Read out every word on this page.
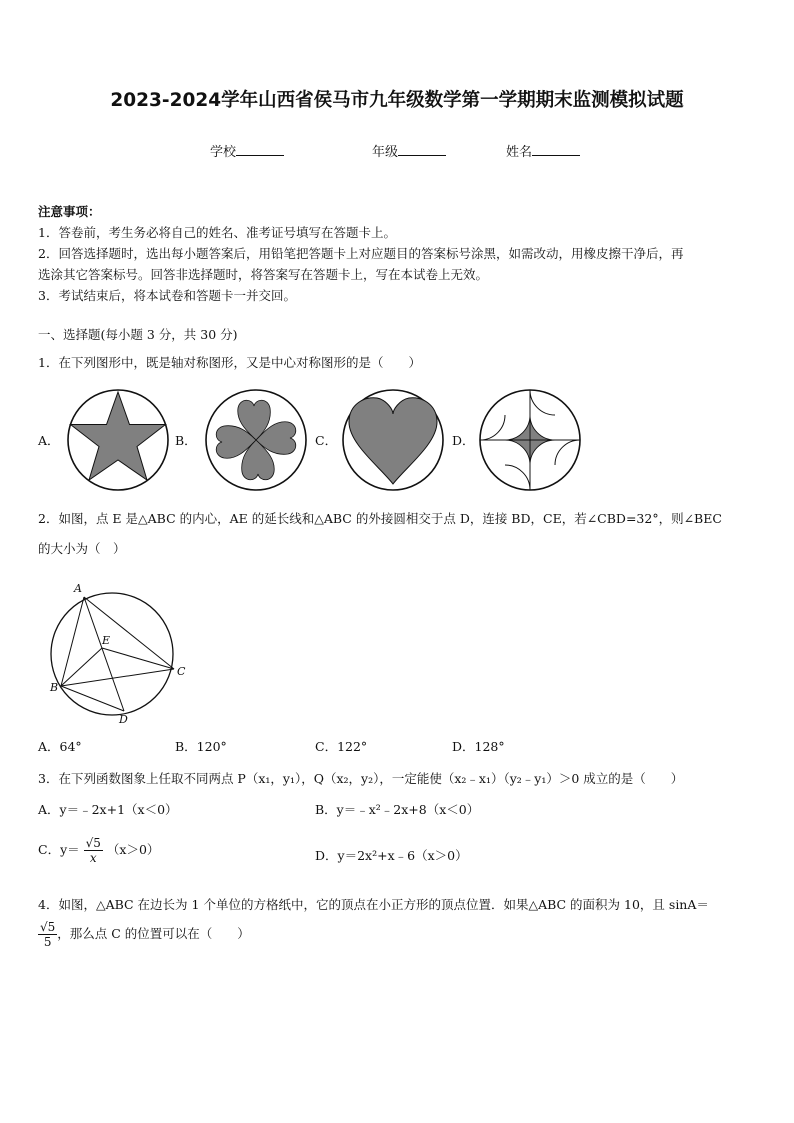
2023-2024学年山西省侯马市九年级数学第一学期期末监测模拟试题
学校	年级	姓名

注意事项：

1．答卷前，考生务必将自己的姓名、准考证号填写在答题卡上。

2．回答选择题时，选出每小题答案后，用铅笔把答题卡上对应题目的答案标号涂黑，如需改动，用橡皮擦干净后，再

选涂其它答案标号。回答非选择题时，将答案写在答题卡上，写在本试卷上无效。

3．考试结束后，将本试卷和答题卡一并交回。

一、选择题(每小题 3 分，共 30 分)
1．在下列图形中，既是轴对称图形，又是中心对称图形的是（　　）
A．	B．	C．	D．
2．如图，点 E 是△ABC 的内心，AE 的延长线和△ABC 的外接圆相交于点 D，连接 BD，CE，若∠CBD=32°，则∠BEC
的大小为（　）
A
B
C
D
E
A．64°	B．120°	C．122°	D．128°
3．在下列函数图象上任取不同两点 P（x₁，y₁），Q（x₂，y₂），一定能使（x₂﹣x₁）（y₂﹣y₁）＞0 成立的是（　　）
A．y＝﹣2x+1（x＜0）	B．y＝﹣x²﹣2x+8（x＜0）
C．$y= \frac{√5}{x} (x>0)$	D．y＝2x²+x﹣6（x＞0）
4．如图，△ABC 在边长为 1 个单位的方格纸中，它的顶点在小正方形的顶点位置．如果△ABC 的面积为 10，且 sinA＝
$\frac{√5}{5}$ ，那么点 C 的位置可以在（　　）
